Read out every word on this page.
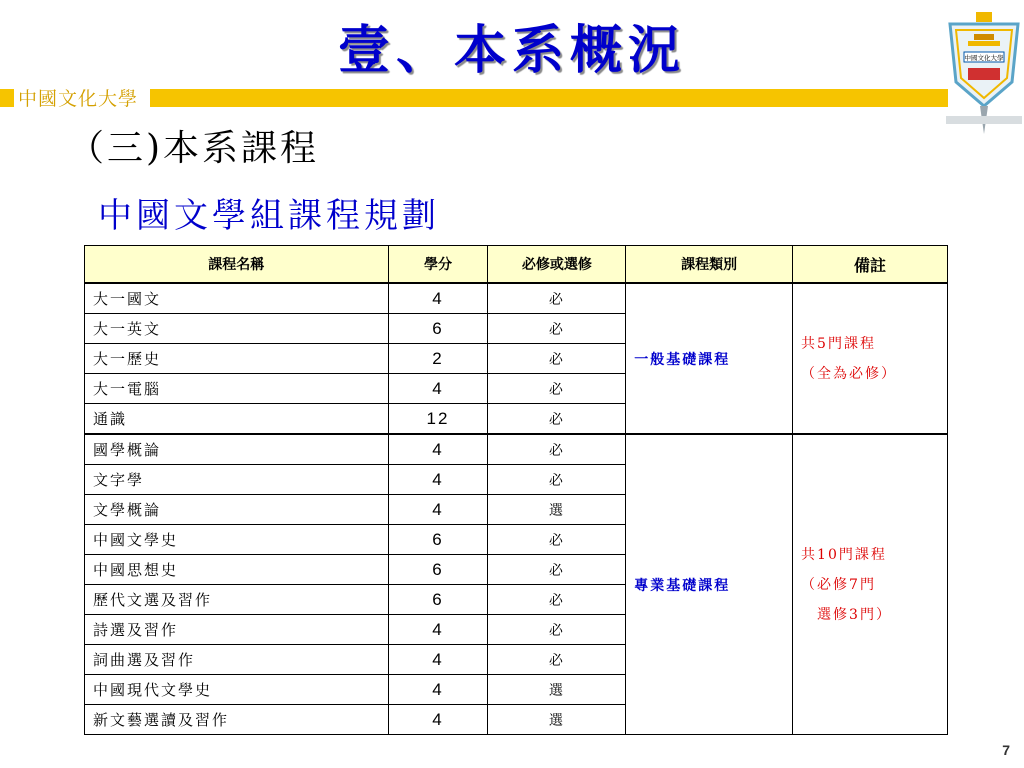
壹、本系概況
中國文化大學
中國文化大學
（三)本系課程
中國文學組課程規劃
課程名稱	學分	必修或選修	課程類別	備註
大一國文	4	必	一般基礎課程	共5門課程
（全為必修）

大一英文	6	必		
大一歷史	2	必		
大一電腦	4	必		
通識	12	必		
國學概論	4	必	專業基礎課程	共10門課程
（必修7門
　選修3門）

文字學	4	必		
文學概論	4	選		
中國文學史	6	必		
中國思想史	6	必		
歷代文選及習作	6	必		
詩選及習作	4	必		
詞曲選及習作	4	必		
中國現代文學史	4	選		
新文藝選讀及習作	4	選		
7
